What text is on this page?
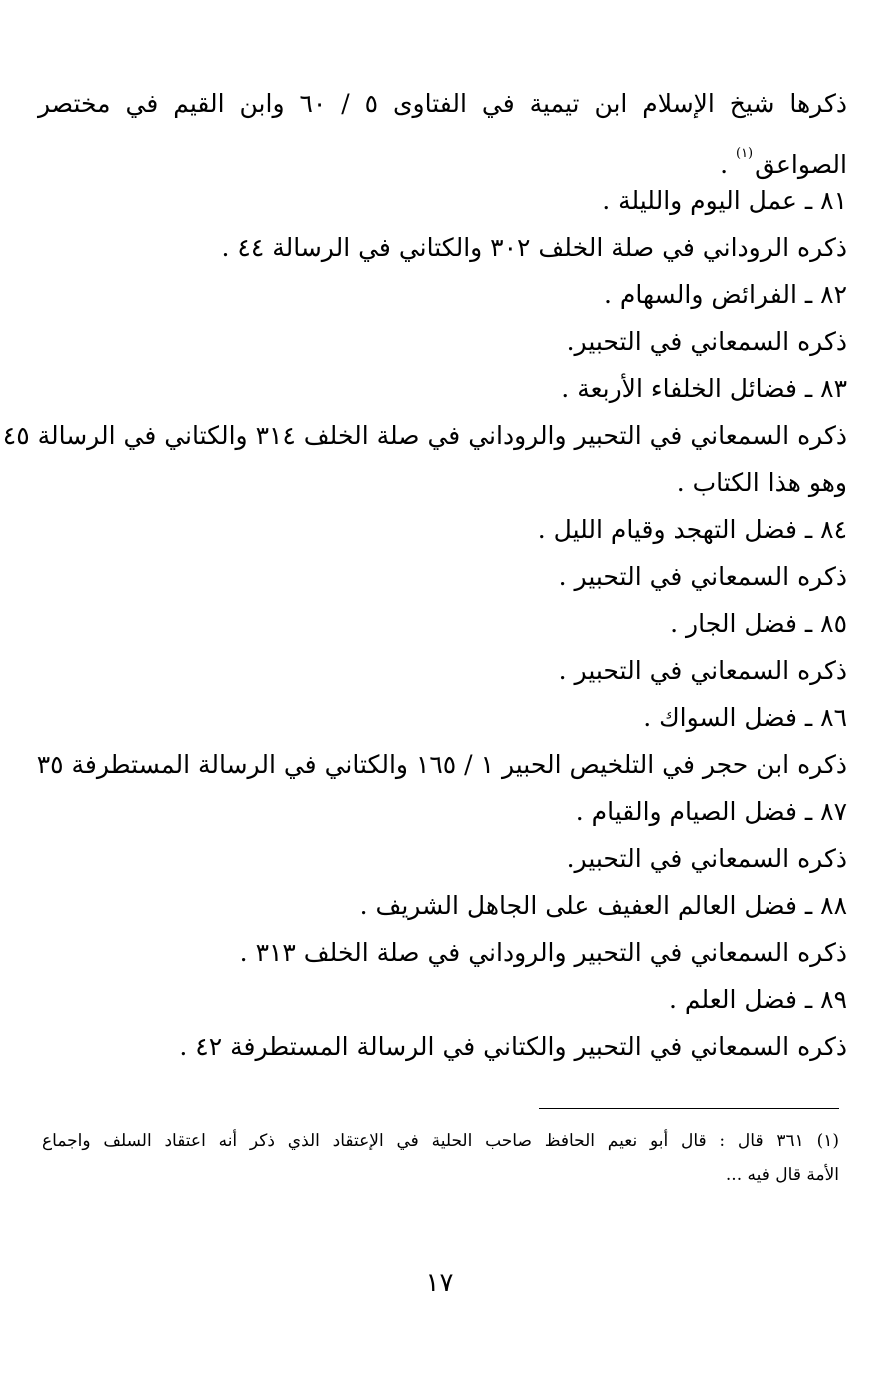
ذكرها شيخ الإسلام ابن تيمية في الفتاوى ٥ / ٦٠ وابن القيم في مختصر
الصواعق$^{(١)}$ .
٨١ ـ عمل اليوم والليلة .
ذكره الروداني في صلة الخلف ٣٠٢ والكتاني في الرسالة ٤٤ .
٨٢ ـ الفرائض والسهام .
ذكره السمعاني في التحبير.
٨٣ ـ فضائل الخلفاء الأربعة .
ذكره السمعاني في التحبير والروداني في صلة الخلف ٣١٤ والكتاني في الرسالة ٤٥
وهو هذا الكتاب .
٨٤ ـ فضل التهجد وقيام الليل .
ذكره السمعاني في التحبير .
٨٥ ـ فضل الجار .
ذكره السمعاني في التحبير .
٨٦ ـ فضل السواك .
ذكره ابن حجر في التلخيص الحبير ١ / ١٦٥ والكتاني في الرسالة المستطرفة ٣٥
٨٧ ـ فضل الصيام والقيام .
ذكره السمعاني في التحبير.
٨٨ ـ فضل العالم العفيف على الجاهل الشريف .
ذكره السمعاني في التحبير والروداني في صلة الخلف ٣١٣ .
٨٩ ـ فضل العلم .
ذكره السمعاني في التحبير والكتاني في الرسالة المستطرفة ٤٢ .
(١) ٣٦١ قال : قال أبو نعيم الحافظ صاحب الحلية في الإعتقاد الذي ذكر أنه اعتقاد السلف واجماع
الأمة قال فيه ...
١٧
